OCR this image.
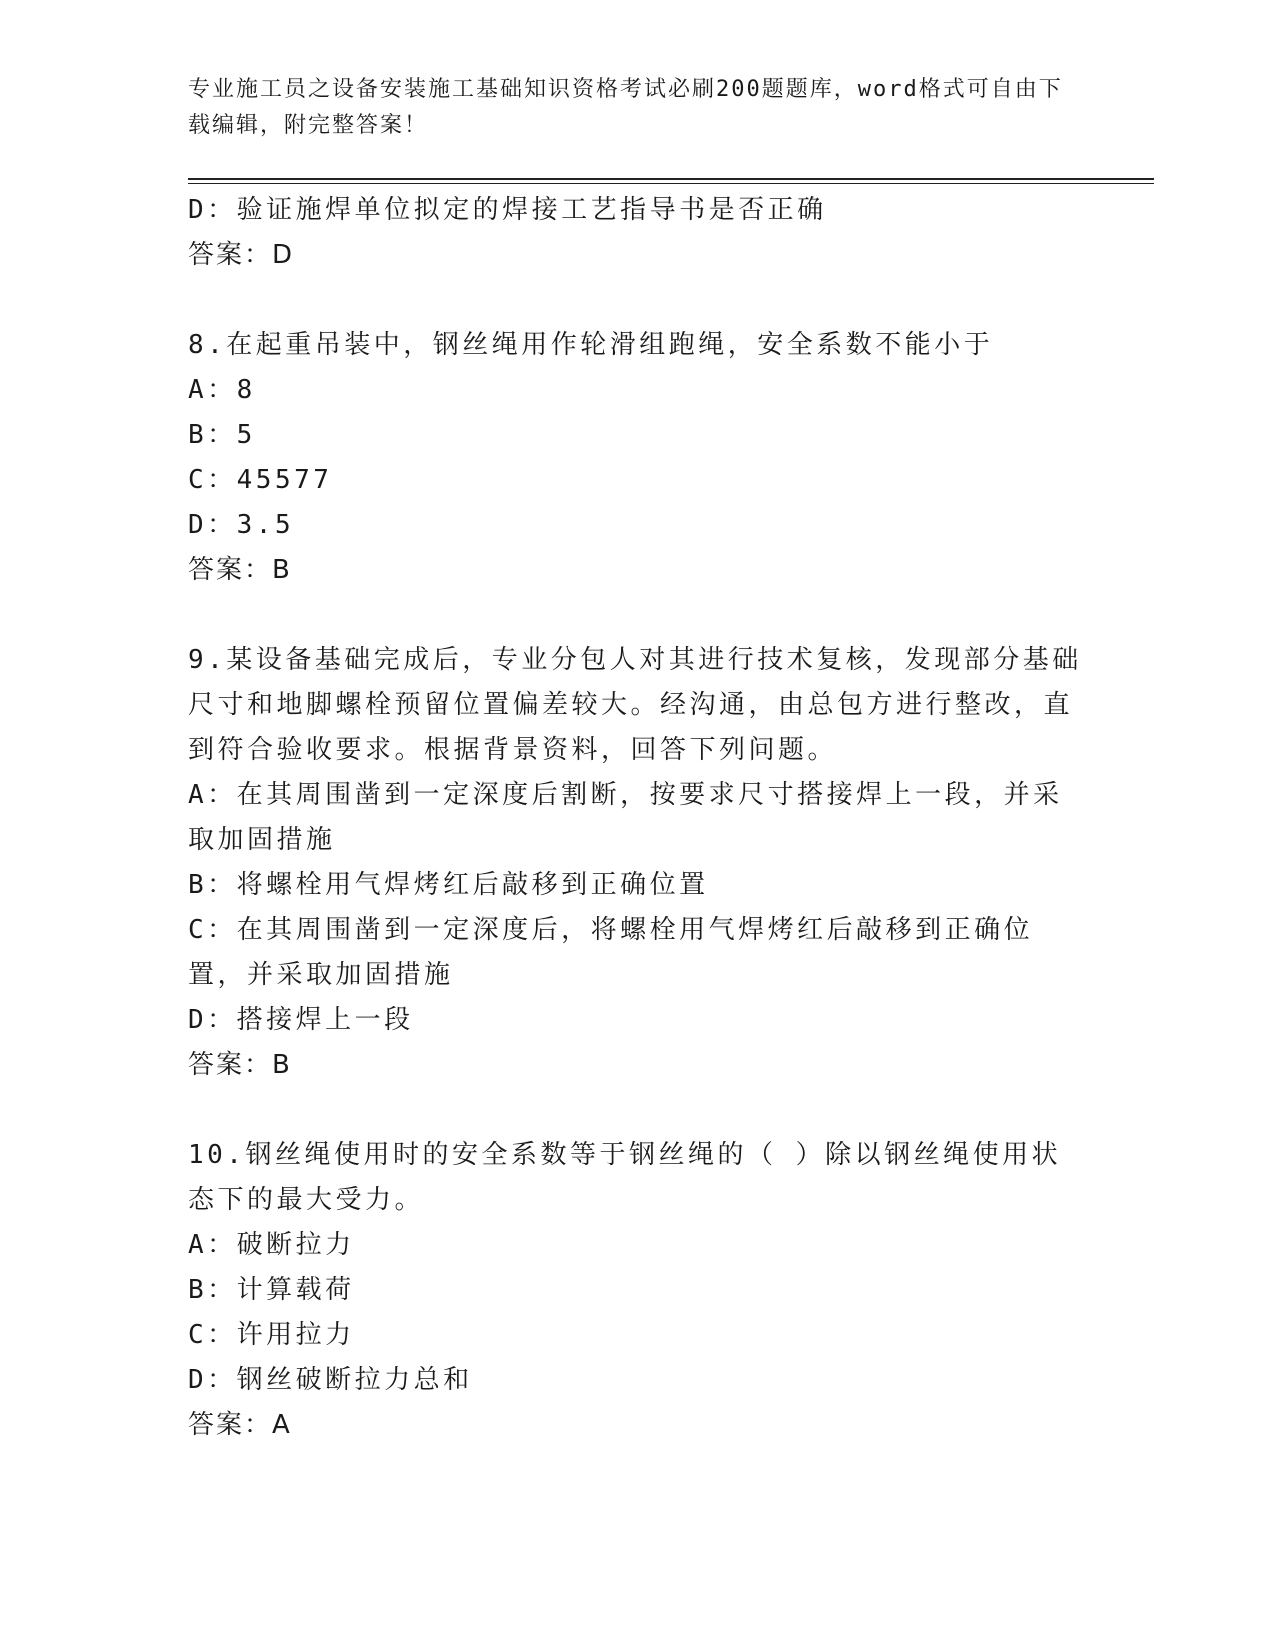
专业施工员之设备安装施工基础知识资格考试必刷200题题库，word格式可自由下载编辑，附完整答案！
D：验证施焊单位拟定的焊接工艺指导书是否正确
答案：D
8.在起重吊装中，钢丝绳用作轮滑组跑绳，安全系数不能小于
A：8
B：5
C：45577
D：3.5
答案：B
9.某设备基础完成后，专业分包人对其进行技术复核，发现部分基础尺寸和地脚螺栓预留位置偏差较大。经沟通，由总包方进行整改，直到符合验收要求。根据背景资料，回答下列问题。
A：在其周围凿到一定深度后割断，按要求尺寸搭接焊上一段，并采取加固措施
B：将螺栓用气焊烤红后敲移到正确位置
C：在其周围凿到一定深度后，将螺栓用气焊烤红后敲移到正确位置，并采取加固措施
D：搭接焊上一段
答案：B
10.钢丝绳使用时的安全系数等于钢丝绳的（ ）除以钢丝绳使用状态下的最大受力。
A：破断拉力
B：计算载荷
C：许用拉力
D：钢丝破断拉力总和
答案：A
